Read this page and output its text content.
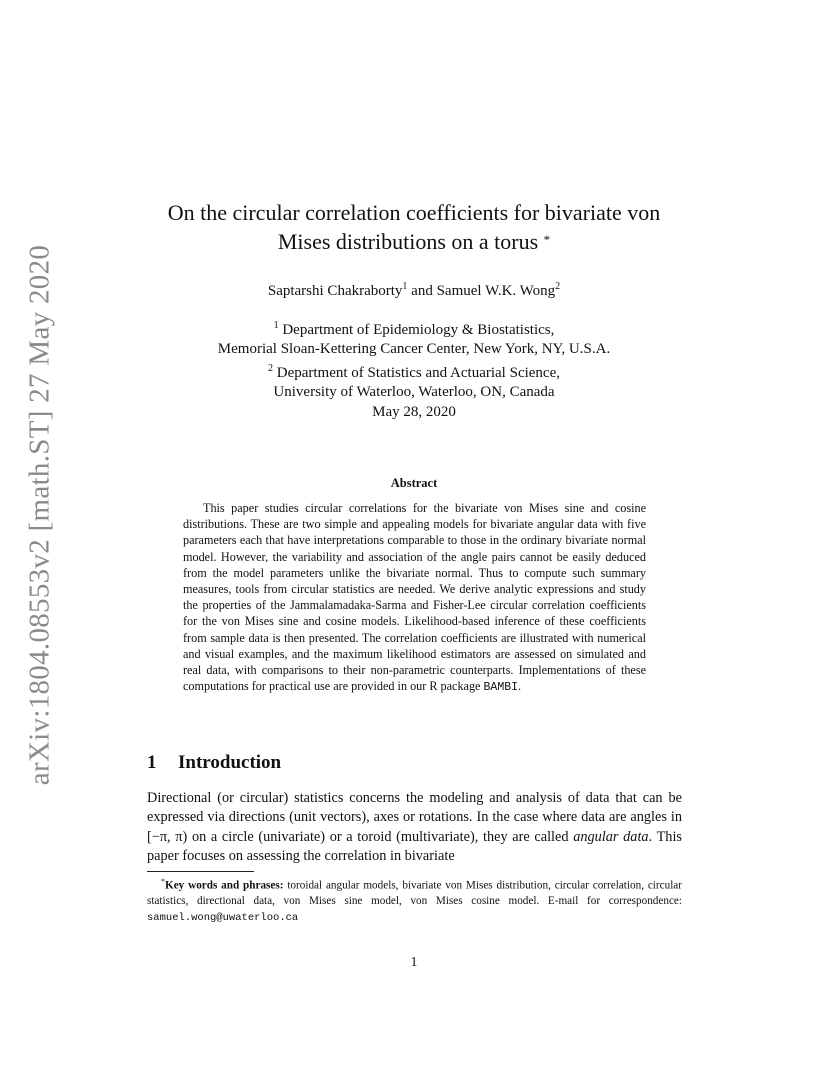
arXiv:1804.08553v2 [math.ST] 27 May 2020
On the circular correlation coefficients for bivariate von
Mises distributions on a torus *
Saptarshi Chakraborty$^1$ and Samuel W.K. Wong$^2$
$^1$ Department of Epidemiology & Biostatistics,
Memorial Sloan-Kettering Cancer Center, New York, NY, U.S.A.
$^2$ Department of Statistics and Actuarial Science,
University of Waterloo, Waterloo, ON, Canada
May 28, 2020
Abstract
This paper studies circular correlations for the bivariate von Mises sine and cosine distributions. These are two simple and appealing models for bivariate angular data with five parameters each that have interpretations comparable to those in the ordinary bivariate normal model. However, the variability and association of the angle pairs cannot be easily deduced from the model parameters unlike the bivariate normal. Thus to compute such summary measures, tools from circular statistics are needed. We derive analytic expressions and study the properties of the Jammalamadaka-Sarma and Fisher-Lee circular correlation coefficients for the von Mises sine and cosine models. Likelihood-based inference of these coefficients from sample data is then presented. The correlation coefficients are illustrated with numerical and visual examples, and the maximum likelihood estimators are assessed on simulated and real data, with comparisons to their non-parametric counterparts. Implementations of these computations for practical use are provided in our R package BAMBI.
1 Introduction
Directional (or circular) statistics concerns the modeling and analysis of data that can be expressed via directions (unit vectors), axes or rotations. In the case where data are angles in [−π, π) on a circle (univariate) or a toroid (multivariate), they are called angular data. This paper focuses on assessing the correlation in bivariate
*Key words and phrases: toroidal angular models, bivariate von Mises distribution, circular correlation, circular statistics, directional data, von Mises sine model, von Mises cosine model. E-mail for correspondence: samuel.wong@uwaterloo.ca
1
